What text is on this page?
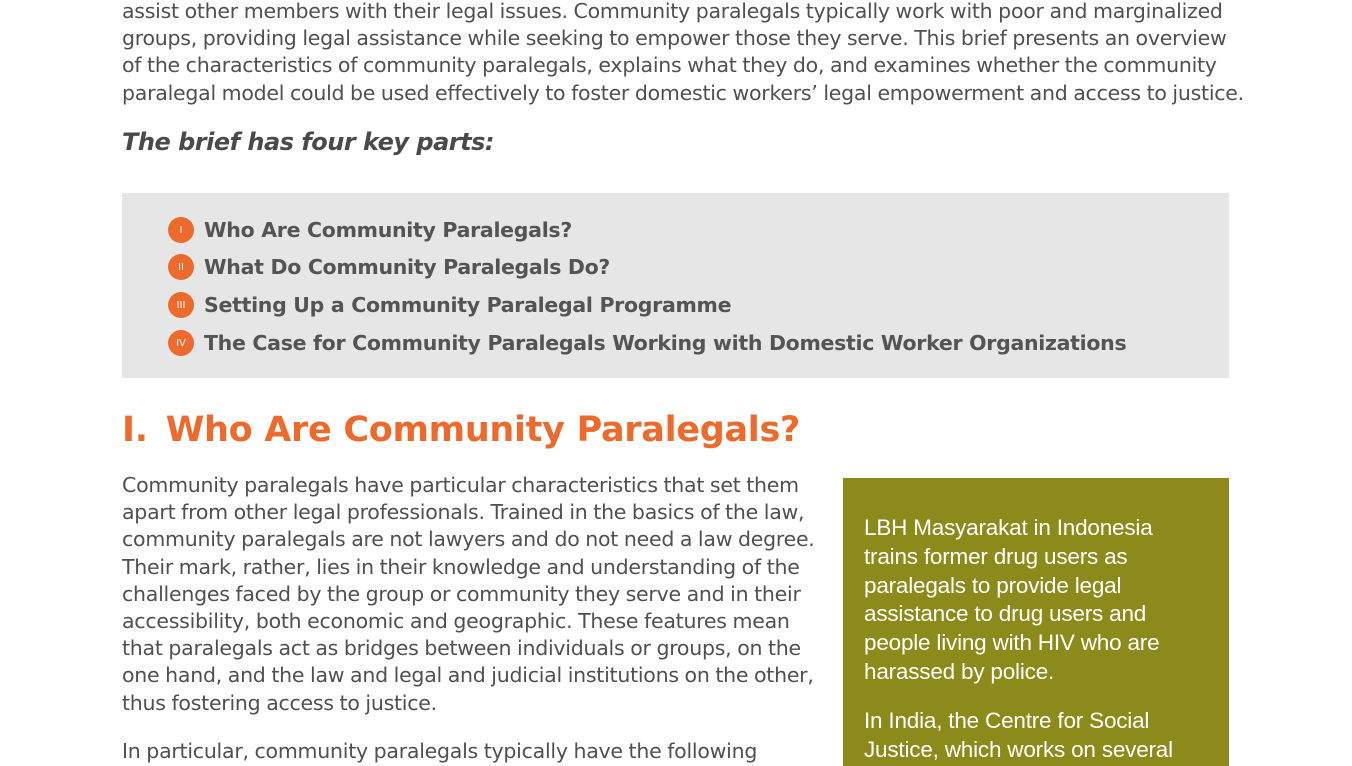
assist other members with their legal issues. Community paralegals typically work with poor and marginalized
groups, providing legal assistance while seeking to empower those they serve. This brief presents an overview
of the characteristics of community paralegals, explains what they do, and examines whether the community
paralegal model could be used effectively to foster domestic workers’ legal empowerment and access to justice.
The brief has four key parts:
I	Who Are Community Paralegals?
II What Do Community Paralegals Do?
III Setting Up a Community Paralegal Programme
IV The Case for Community Paralegals Working with Domestic Worker Organizations
I. Who Are Community Paralegals?
Community paralegals have particular characteristics that set them
apart from other legal professionals. Trained in the basics of the law,
community paralegals are not lawyers and do not need a law degree.
Their mark, rather, lies in their knowledge and understanding of the
challenges faced by the group or community they serve and in their
accessibility, both economic and geographic. These features mean
that paralegals act as bridges between individuals or groups, on the
one hand, and the law and legal and judicial institutions on the other,
thus fostering access to justice.
In particular, community paralegals typically have the following
LBH Masyarakat in Indonesia
trains former drug users as
paralegals to provide legal
assistance to drug users and
people living with HIV who are
harassed by police.
In India, the Centre for Social
Justice, which works on several
